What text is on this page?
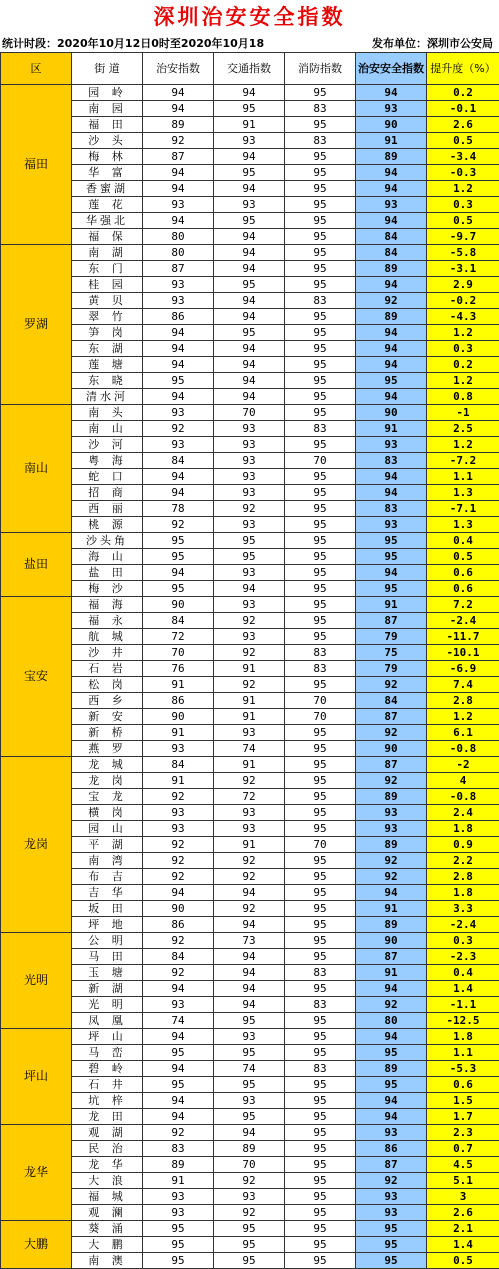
深圳治安安全指数
统计时段：2020年10月12日0时至2020年10月18	发布单位：深圳市公安局
区	街 道	治安指数	交通指数	消防指数	治安安全指数	提升度（%）
福田	园 岭	94	94	95	94	0.2
	南 园	94	95	83	93	-0.1
	福 田	89	91	95	90	2.6
	沙 头	92	93	83	91	0.5
	梅 林	87	94	95	89	-3.4
	华 富	94	95	95	94	-0.3
	香蜜湖	94	94	95	94	1.2
	莲 花	93	93	95	93	0.3
	华强北	94	95	95	94	0.5
	福 保	80	94	95	84	-9.7
罗湖	南 湖	80	94	95	84	-5.8
	东 门	87	94	95	89	-3.1
	桂 园	93	95	95	94	2.9
	黄 贝	93	94	83	92	-0.2
	翠 竹	86	94	95	89	-4.3
	笋 岗	94	95	95	94	1.2
	东 湖	94	94	95	94	0.3
	莲 塘	94	94	95	94	0.2
	东 晓	95	94	95	95	1.2
	清水河	94	94	95	94	0.8
南山	南 头	93	70	95	90	-1
	南 山	92	93	83	91	2.5
	沙 河	93	93	95	93	1.2
	粤 海	84	93	70	83	-7.2
	蛇 口	94	93	95	94	1.1
	招 商	94	93	95	94	1.3
	西 丽	78	92	95	83	-7.1
	桃 源	92	93	95	93	1.3
盐田	沙头角	95	95	95	95	0.4
	海 山	95	95	95	95	0.5
	盐 田	94	93	95	94	0.6
	梅 沙	95	94	95	95	0.6
宝安	福 海	90	93	95	91	7.2
	福 永	84	92	95	87	-2.4
	航 城	72	93	95	79	-11.7
	沙 井	70	92	83	75	-10.1
	石 岩	76	91	83	79	-6.9
	松 岗	91	92	95	92	7.4
	西 乡	86	91	70	84	2.8
	新 安	90	91	70	87	1.2
	新 桥	91	93	95	92	6.1
	燕 罗	93	74	95	90	-0.8
龙岗	龙 城	84	91	95	87	-2
	龙 岗	91	92	95	92	4
	宝 龙	92	72	95	89	-0.8
	横 岗	93	93	95	93	2.4
	园 山	93	93	95	93	1.8
	平 湖	92	91	70	89	0.9
	南 湾	92	92	95	92	2.2
	布 吉	92	92	95	92	2.8
	吉 华	94	94	95	94	1.8
	坂 田	90	92	95	91	3.3
	坪 地	86	94	95	89	-2.4
光明	公 明	92	73	95	90	0.3
	马 田	84	94	95	87	-2.3
	玉 塘	92	94	83	91	0.4
	新 湖	94	94	95	94	1.4
	光 明	93	94	83	92	-1.1
	凤 凰	74	95	95	80	-12.5
坪山	坪 山	94	93	95	94	1.8
	马 峦	95	95	95	95	1.1
	碧 岭	94	74	83	89	-5.3
	石 井	95	95	95	95	0.6
	坑 梓	94	93	95	94	1.5
	龙 田	94	95	95	94	1.7
龙华	观 湖	92	94	95	93	2.3
	民 治	83	89	95	86	0.7
	龙 华	89	70	95	87	4.5
	大 浪	91	92	95	92	5.1
	福 城	93	93	95	93	3
	观 澜	93	92	95	93	2.6
大鹏	葵 涌	95	95	95	95	2.1
	大 鹏	95	95	95	95	1.4
	南 澳	95	95	95	95	0.5
